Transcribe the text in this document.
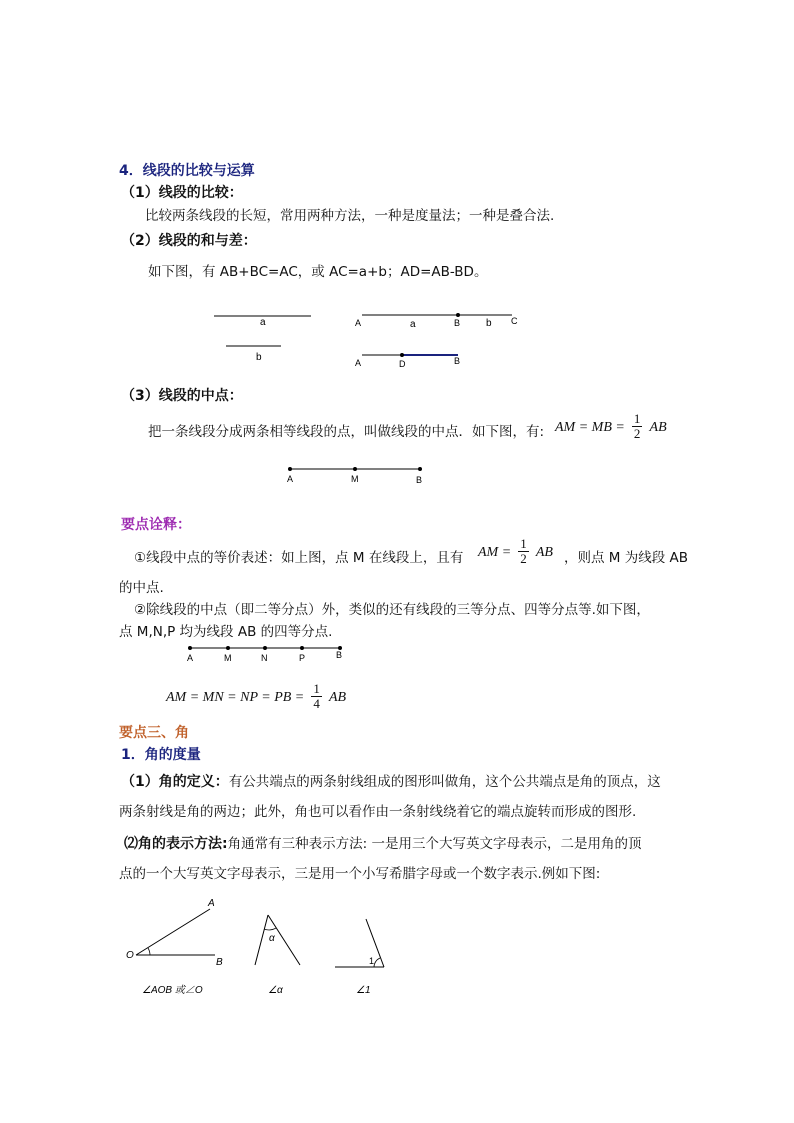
4．线段的比较与运算
（1）线段的比较：
比较两条线段的长短，常用两种方法，一种是度量法；一种是叠合法.
（2）线段的和与差：
如下图，有 AB+BC=AC，或 AC=a+b；AD=AB-BD。
a
b
A	a	B	b C
A	D	B
（3）线段的中点：
把一条线段分成两条相等线段的点，叫做线段的中点．如下图，有: AM = MB = $\frac{1}{2}$ AB
A	M	B
要点诠释：
①线段中点的等价表述：如上图，点 M 在线段上，且有 AM = $\frac{1}{2}$ AB ，则点 M 为线段 AB
的中点.
②除线段的中点（即二等分点）外，类似的还有线段的三等分点、四等分点等.如下图，
点 M,N,P 均为线段 AB 的四等分点.
A	M	N	P	B
AM = MN = NP = PB = $\frac{1}{4}$ AB
要点三、角
1．角的度量
（1）角的定义：有公共端点的两条射线组成的图形叫做角，这个公共端点是角的顶点，这
两条射线是角的两边；此外，角也可以看作由一条射线绕着它的端点旋转而形成的图形.
⑵角的表示方法:角通常有三种表示方法: 一是用三个大写英文字母表示，二是用角的顶
点的一个大写英文字母表示，三是用一个小写希腊字母或一个数字表示.例如下图:
A
O
B
∠AOB 或∠O
α
∠α
1
∠1
